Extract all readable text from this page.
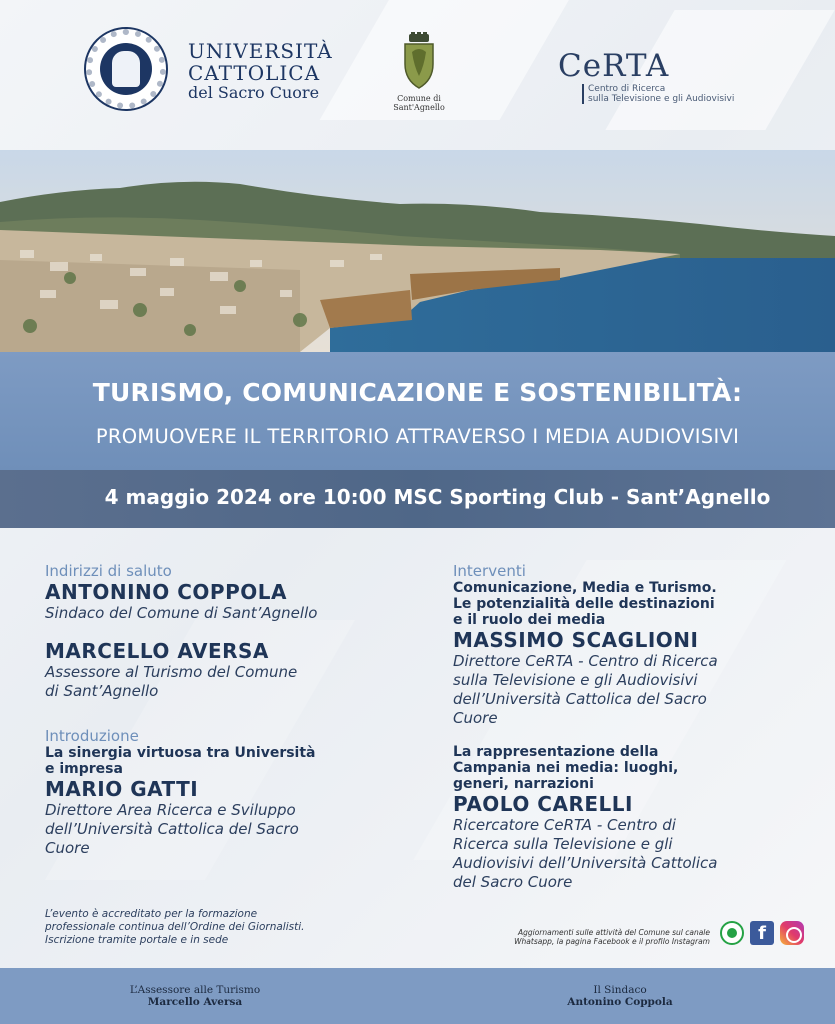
UNIVERSITÀ
CATTOLICA
del Sacro Cuore	Comune di
Sant'Agnello
CeRTA
Centro di Ricerca
sulla Televisione e gli Audiovisivi
TURISMO, COMUNICAZIONE E SOSTENIBILITÀ:
PROMUOVERE IL TERRITORIO ATTRAVERSO I MEDIA AUDIOVISIVI
4 maggio 2024 ore 10:00 MSC Sporting Club - Sant’Agnello
Indirizzi di saluto
ANTONINO COPPOLA
Sindaco del Comune di Sant’Agnello
MARCELLO AVERSA
Assessore al Turismo del Comune
di Sant’Agnello
Introduzione
La sinergia virtuosa tra Università
e impresa
MARIO GATTI
Direttore Area Ricerca e Sviluppo
dell’Università Cattolica del Sacro
Cuore
Interventi
Comunicazione, Media e Turismo.
Le potenzialità delle destinazioni
e il ruolo dei media
MASSIMO SCAGLIONI
Direttore CeRTA - Centro di Ricerca
sulla Televisione e gli Audiovisivi
dell’Università Cattolica del Sacro
Cuore
La rappresentazione della
Campania nei media: luoghi,
generi, narrazioni
PAOLO CARELLI
Ricercatore CeRTA - Centro di
Ricerca sulla Televisione e gli
Audiovisivi dell’Università Cattolica
del Sacro Cuore
L’evento è accreditato per la formazione
professionale continua dell’Ordine dei Giornalisti.
Iscrizione tramite portale e in sede
Aggiornamenti sulle attività del Comune sul canale
Whatsapp, la pagina Facebook e il profilo Instagram	f
L’Assessore alle Turismo
Marcello Aversa
Il Sindaco
Antonino Coppola
